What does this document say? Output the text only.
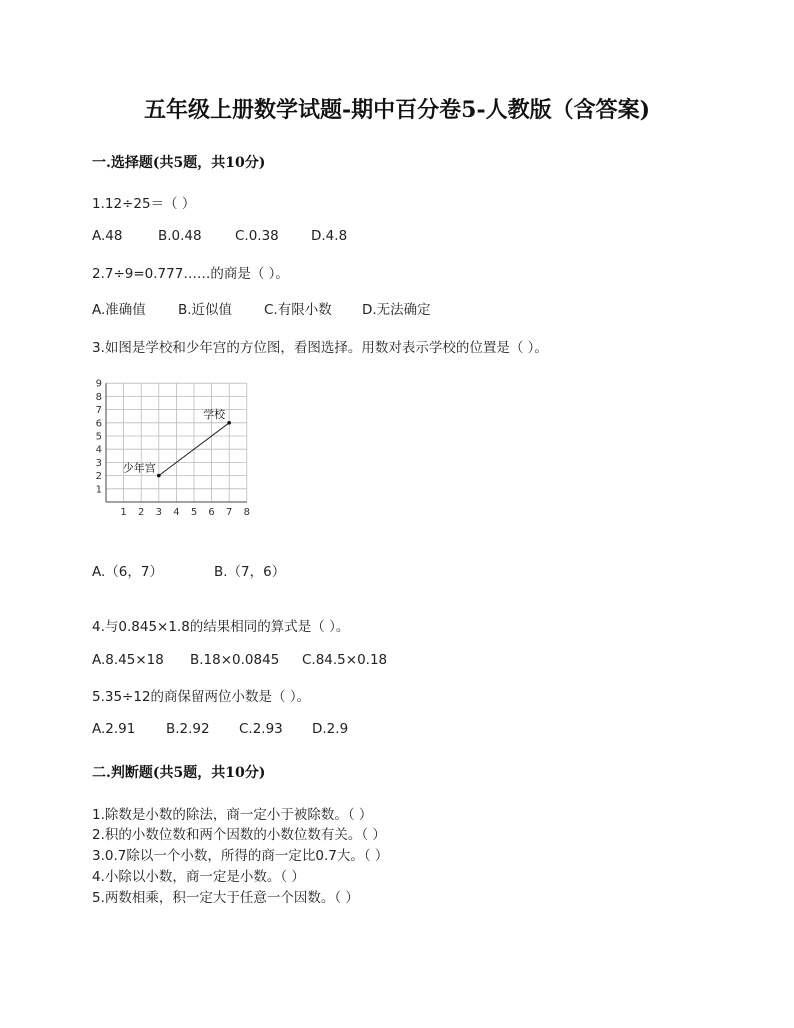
五年级上册数学试题-期中百分卷5-人教版（含答案)
一.选择题(共5题，共10分)
1.12÷25＝（ ）
A.48	B.0.48 C.0.38 D.4.8
2.7÷9=0.777……的商是（ ）。
A.准确值 B.近似值 C.有限小数 D.无法确定
3.如图是学校和少年宫的方位图，看图选择。用数对表示学校的位置是（ ）。
1 2 3 4 5 6 7 8
1
2
3
4
5
6
7
8
9
少年宫
学校
A.（6，7）	B.（7，6）
4.与0.845×1.8的结果相同的算式是（ ）。
A.8.45×18 B.18×0.0845 C.84.5×0.18
5.35÷12的商保留两位小数是（ ）。
A.2.91 B.2.92 C.2.93 D.2.9
二.判断题(共5题，共10分)
1.除数是小数的除法，商一定小于被除数。（ ）
2.积的小数位数和两个因数的小数位数有关。（ ）
3.0.7除以一个小数，所得的商一定比0.7大。（ ）
4.小除以小数，商一定是小数。（ ）
5.两数相乘，积一定大于任意一个因数。（ ）
